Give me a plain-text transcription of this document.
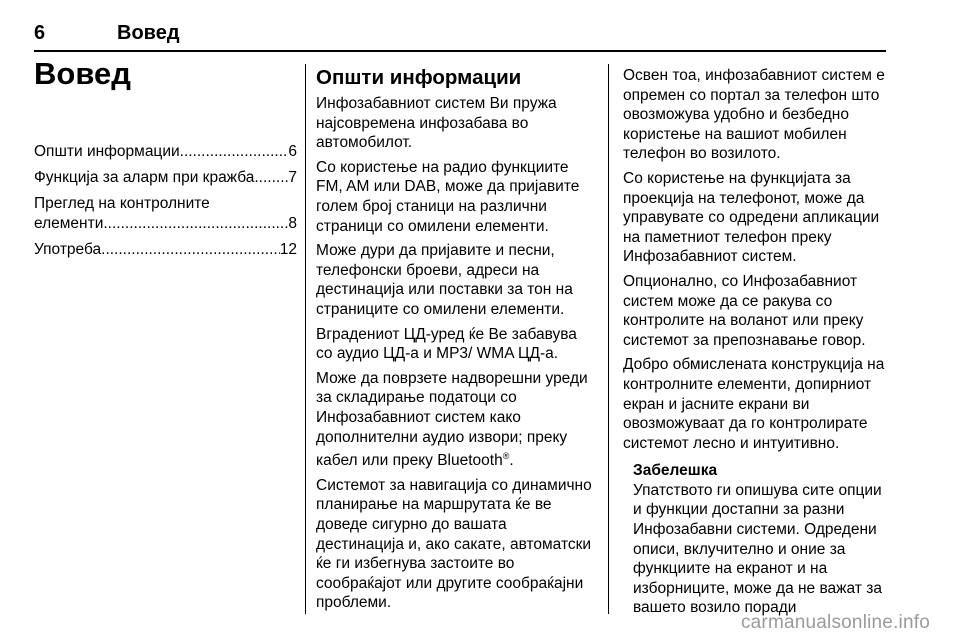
6	Вовед
Вовед
Општи информации .....	6
Функција за аларм при кражба ..... 7
Преглед на контролните
елементи .....	8
Употреба .....	12
Општи информации

Инфозабавниот систем Ви пружа најсовремена инфозабава во автомобилот.

Со користење на радио функциите FM, AM или DAB, може да пријавите голем број станици на различни страници со омилени елементи.

Може дури да пријавите и песни, телефонски броеви, адреси на дестинација или поставки за тон на страниците со омилени елементи.

Вградениот ЦД-уред ќе Ве забавува со аудио ЦД-а и MP3/ WMA ЦД-а.

Може да поврзете надворешни уреди за складирање податоци со Инфозабавниот систем како дополнителни аудио извори; преку кабел или преку Bluetooth®.

Системот за навигација со динамично планирање на маршрутата ќе ве доведе сигурно до вашата дестинација и, ако сакате, автоматски ќе ги избегнува застоите во сообраќајот или другите сообраќајни проблеми.

Освен тоа, инфозабавниот систем е опремен со портал за телефон што овозможува удобно и безбедно користење на вашиот мобилен телефон во возилото.

Со користење на функцијата за проекција на телефонот, може да управувате со одредени апликации на паметниот телефон преку Инфозабавниот систем.

Опционално, со Инфозабавниот систем може да се ракува со контролите на воланот или преку системот за препознавање говор.

Добро обмислената конструкција на контролните елементи, допирниот екран и јасните екрани ви овозможуваат да го контролирате системот лесно и интуитивно.

Забелешка

Упатството ги опишува сите опции и функции достапни за разни Инфозабавни системи. Одредени описи, вклучително и оние за функциите на екранот и на изборниците, може да не важат за вашето возило поради

carmanualsonline.info
